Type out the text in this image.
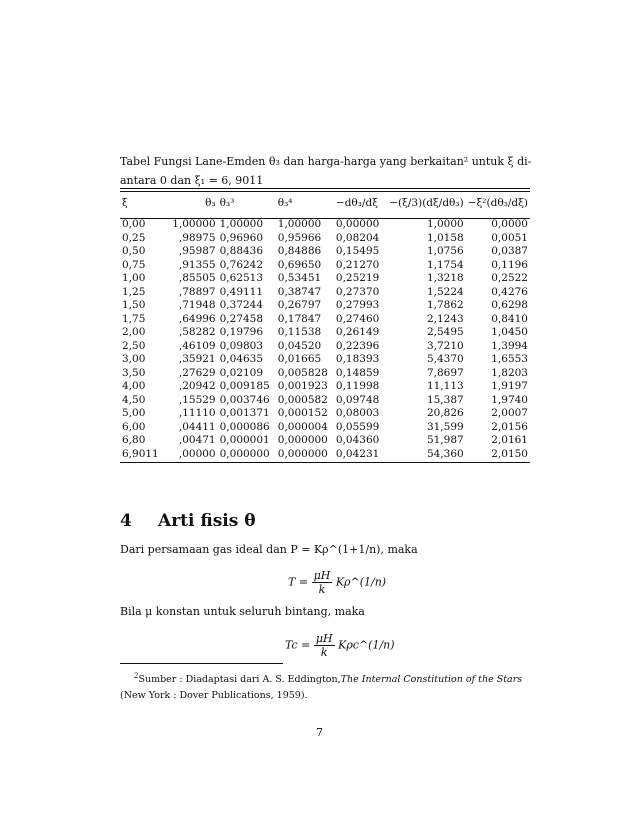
Tabel Fungsi Lane-Emden θ₃ dan harga-harga yang berkaitan² untuk ξ di-
antara 0 dan ξ₁ = 6, 9011
ξ	θ₃	θ₃³	θ₃⁴	−dθ₃/dξ	−(ξ/3)(dξ/dθ₃)	−ξ²(dθ₃/dξ)
0,00	1,00000	1,00000	1,00000	0,00000	1,0000	0,0000
0,25	,98975	0,96960	0,95966	0,08204	1,0158	0,0051
0,50	,95987	0,88436	0,84886	0,15495	1,0756	0,0387
0,75	,91355	0,76242	0,69650	0,21270	1,1754	0,1196
1,00	,85505	0,62513	0,53451	0,25219	1,3218	0,2522
1,25	,78897	0,49111	0,38747	0,27370	1,5224	0,4276
1,50	,71948	0,37244	0,26797	0,27993	1,7862	0,6298
1,75	,64996	0,27458	0,17847	0,27460	2,1243	0,8410
2,00	,58282	0,19796	0,11538	0,26149	2,5495	1,0450
2,50	,46109	0,09803	0,04520	0,22396	3,7210	1,3994
3,00	,35921	0,04635	0,01665	0,18393	5,4370	1,6553
3,50	,27629	0,02109	0,005828	0,14859	7,8697	1,8203
4,00	,20942	0,009185	0,001923	0,11998	11,113	1,9197
4,50	,15529	0,003746	0,000582	0,09748	15,387	1,9740
5,00	,11110	0,001371	0,000152	0,08003	20,826	2,0007
6,00	,04411	0,000086	0,000004	0,05599	31,599	2,0156
6,80	,00471	0,000001	0,000000	0,04360	51,987	2,0161
6,9011	,00000	0,000000	0,000000	0,04231	54,360	2,0150
4 Arti fisis θ
Dari persamaan gas ideal dan P = Kρ^(1+1/n), maka
$T = \frac{\mu H}{k}$ Kρ^(1/n)
Bila μ konstan untuk seluruh bintang, maka
$Tc = \frac{\mu H}{k}$ Kρc^(1/n)
$^2$Sumber : Diadaptasi dari A. S. Eddington,The Internal Constitution of the Stars
(New York : Dover Publications, 1959).
7
